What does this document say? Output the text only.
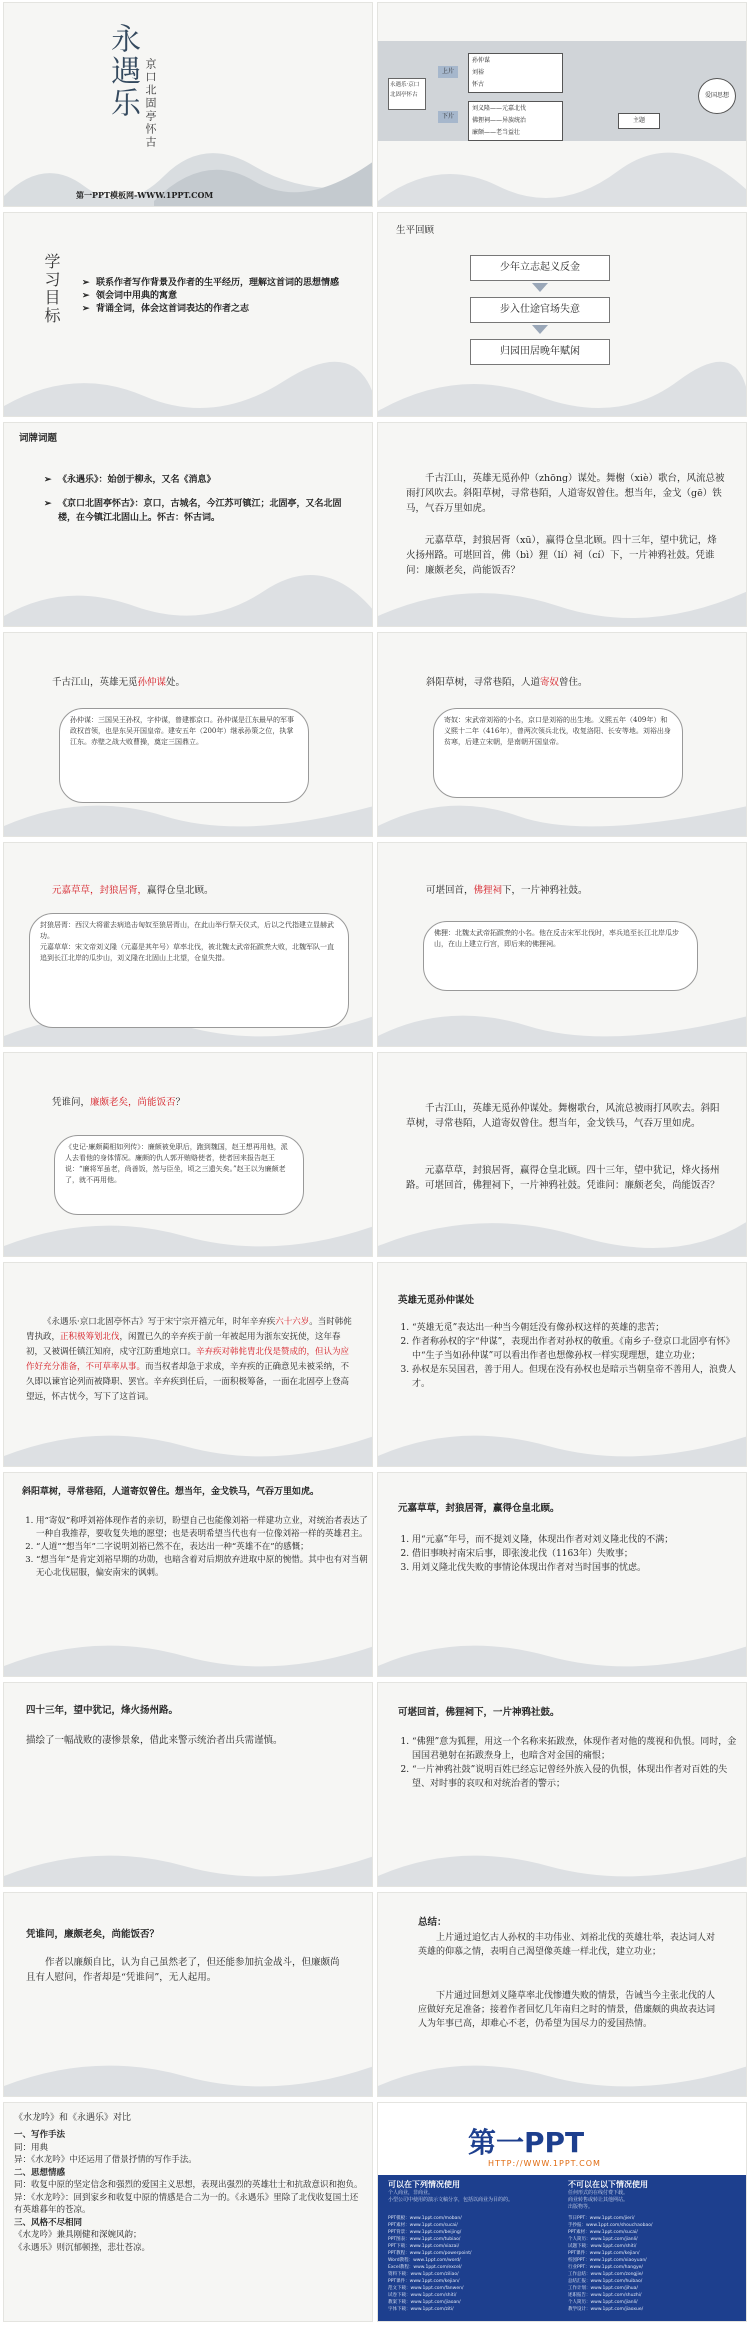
永遇乐 京口北固亭怀古
第一PPT模板网-WWW.1PPT.COM
永遇乐·京口北固亭怀古
上片
下片
孙仲谋
刘裕
怀古
刘义隆——元嘉北伐
佛狸祠——异族统治
廉颇——老当益壮
主题
爱国思想
学习目标
➢	联系作者写作背景及作者的生平经历，理解这首词的思想情感
➢ 领会词中用典的寓意
➢ 背诵全词，体会这首词表达的作者之志
生平回顾
少年立志起义反金
步入仕途官场失意
归园田居晚年赋闲
词牌词题
➢ 《永遇乐》：始创于柳永，又名《消息》
➢ 《京口北固亭怀古》：京口，古城名，今江苏可镇江；北固亭，又名北固楼，在今镇江北固山上。怀古：怀古词。
千古江山，英雄无觅孙仲（zhōng）谋处。舞榭（xiè）歌台，风流总被雨打风吹去。斜阳草树，寻常巷陌，人道寄奴曾住。想当年，金戈（gē）铁马，气吞万里如虎。
元嘉草草，封狼居胥（xū），赢得仓皇北顾。四十三年，望中犹记，烽火扬州路。可堪回首，佛（bì）狸（lí）祠（cí）下，一片神鸦社鼓。凭谁问：廉颇老矣，尚能饭否？
千古江山，英雄无觅孙仲谋处。
孙仲谋：三国吴王孙权，字仲谋，曾建都京口。孙仲谋是江东最早的军事政权首领，也是东吴开国皇帝。建安五年（200年）继承孙策之位，执掌江东。赤壁之战大败曹操，奠定三国鼎立。
斜阳草树，寻常巷陌，人道寄奴曾住。
寄奴：宋武帝刘裕的小名，京口是刘裕的出生地。义熙五年（409年）和义熙十二年（416年），曾两次领兵北伐，收复洛阳、长安等地。刘裕出身贫寒，后建立宋朝，是南朝开国皇帝。
元嘉草草，封狼居胥，赢得仓皇北顾。
封狼居胥：西汉大将霍去病追击匈奴至狼居胥山，在此山举行祭天仪式，后以之代指建立显赫武功。
元嘉草草：宋文帝刘义隆（元嘉是其年号）草率北伐，被北魏太武帝拓跋焘大败，北魏军队一直追到长江北岸的瓜步山，刘义隆在北固山上北望，仓皇失措。
可堪回首，佛狸祠下，一片神鸦社鼓。
佛狸：北魏太武帝拓跋焘的小名。他在反击宋军北伐时，率兵追至长江北岸瓜步山，在山上建立行宫，即后来的佛狸祠。
凭谁问，廉颇老矣，尚能饭否？
《史记·廉颇蔺相如列传》：廉颇被免职后，跑到魏国，赵王想再用他，派人去看他的身体情况。廉颇的仇人郭开贿赂使者，使者回来报告赵王说：“廉将军虽老，尚善饭，然与臣坐，顷之三遗矢矣。”赵王以为廉颇老了，就不再用他。
千古江山，英雄无觅孙仲谋处。舞榭歌台，风流总被雨打风吹去。斜阳草树，寻常巷陌，人道寄奴曾住。想当年，金戈铁马，气吞万里如虎。
元嘉草草，封狼居胥，赢得仓皇北顾。四十三年，望中犹记，烽火扬州路。可堪回首，佛狸祠下，一片神鸦社鼓。凭谁问：廉颇老矣，尚能饭否？
《永遇乐·京口北固亭怀古》写于宋宁宗开禧元年，时年辛弃疾六十六岁。当时韩侂胄执政，正积极筹划北伐，闲置已久的辛弃疾于前一年被起用为浙东安抚使，这年春初，又被调任镇江知府，戍守江防重地京口。辛弃疾对韩侂胄北伐是赞成的，但认为应作好充分准备，不可草率从事。而当权者却急于求成，辛弃疾的正确意见未被采纳，不久即以谏官论列而被降职、罢官。辛弃疾到任后，一面积极筹备，一面在北固亭上登高望远，怀古忧今，写下了这首词。
英雄无觅孙仲谋处
1. “英雄无觅”表达出一种当今朝廷没有像孙权这样的英雄的悲苦；
2. 作者称孙权的字“仲谋”，表现出作者对孙权的敬重。《南乡子·登京口北固亭有怀》中“生子当如孙仲谋”可以看出作者也想像孙权一样实现理想，建立功业；
3. 孙权是东吴国君，善于用人。但现在没有孙权也是暗示当朝皇帝不善用人，浪费人才。
斜阳草树，寻常巷陌，人道寄奴曾住。想当年，金戈铁马，气吞万里如虎。
1. 用“寄奴”称呼刘裕体现作者的亲切，盼望自己也能像刘裕一样建功立业，对统治者表达了一种自我推荐，要收复失地的愿望；也是表明希望当代也有一位像刘裕一样的英雄君主。
2. “人道”“想当年”二字说明刘裕已然不在，表达出一种“英雄不在”的感慨；
3. “想当年”是肯定刘裕早期的功勋，也暗含着对后期放弃进取中原的惋惜。其中也有对当朝无心北伐屈服，偏安南宋的讽刺。
元嘉草草，封狼居胥，赢得仓皇北顾。
1. 用“元嘉”年号，而不提刘义隆，体现出作者对刘义隆北伐的不满；
2. 借旧事映衬南宋后事，即张浚北伐（1163年）失败事；
3. 用刘义隆北伐失败的事情论体现出作者对当时国事的忧虑。
四十三年，望中犹记，烽火扬州路。
描绘了一幅战败的凄惨景象，借此来警示统治者出兵需谨慎。
可堪回首，佛狸祠下，一片神鸦社鼓。
1. “佛狸”意为狐狸，用这一个名称来拓跋焘，体现作者对他的蔑视和仇恨。同时，金国国君驰射在拓跋焘身上，也暗含对金国的痛恨；
2. “一片神鸦社鼓”说明百姓已经忘记曾经外族入侵的仇恨，体现出作者对百姓的失望、对时事的哀叹和对统治者的警示；
凭谁问，廉颇老矣，尚能饭否？
作者以廉颇自比，认为自己虽然老了，但还能参加抗金战斗，但廉颇尚且有人慰问，作者却是“凭谁问”，无人起用。
总结：
上片通过追忆古人孙权的丰功伟业、刘裕北伐的英雄壮举，表达词人对英雄的仰慕之情，表明自己渴望像英雄一样北伐，建立功业；
下片通过回想刘义隆草率北伐惨遭失败的情景，告诫当今主张北伐的人应做好充足准备；接着作者回忆几年南归之时的情景，借廉颇的典故表达词人为年事已高，却难心不老，仍希望为国尽力的爱国热情。
《水龙吟》和《永遇乐》对比
一、写作手法
同：用典
异：《水龙吟》中还运用了借景抒情的写作手法。
二、思想情感
同：收复中原的坚定信念和强烈的爱国主义思想，表现出强烈的英雄壮士和抗敌意识和抱负。
异：《水龙吟》：回到家乡和收复中原的情感是合二为一的。《永遇乐》里除了北伐收复国土还有英雄暮年的苍凉。
三、风格不尽相同
《水龙吟》兼具刚健和深婉风韵；
《永遇乐》则沉郁顿挫，悲壮苍凉。
第一PPT
HTTP://WWW.1PPT.COM
可以在下列情况使用
个人商业，非商业。
小型公司中使用的演示文稿分享，包括以商业为目的的。
不可以在以下情况使用
任何形式的在线付费下载。
商业转售或转让其他网站。
出版物等。
PPT模板：www.1ppt.com/moban/
PPT素材：www.1ppt.com/sucai/
PPT背景：www.1ppt.com/beijing/
PPT图表：www.1ppt.com/tubiao/
PPT下载：www.1ppt.com/xiazai/
PPT教程：www.1ppt.com/powerpoint/
Word教程：www.1ppt.com/word/
Excel教程：www.1ppt.com/excel/
资料下载：www.1ppt.com/ziliao/
PPT课件：www.1ppt.com/kejian/
范文下载：www.1ppt.com/fanwen/
试卷下载：www.1ppt.com/shiti/
教案下载：www.1ppt.com/jiaoan/
字体下载：www.1ppt.com/ziti/
节日PPT：www.1ppt.com/jieri/
手抄报：www.1ppt.com/shouchaobao/
PPT素材：www.1ppt.com/sucai/
个人简历：www.1ppt.com/jianli/
试题下载：www.1ppt.com/shiti/
PPT课件：www.1ppt.com/kejian/
校园PPT：www.1ppt.com/xiaoyuan/
行业PPT：www.1ppt.com/hangye/
工作总结：www.1ppt.com/zongjie/
总结汇报：www.1ppt.com/huibao/
工作计划：www.1ppt.com/jihua/
述职报告：www.1ppt.com/shuzhi/
个人简历：www.1ppt.com/jianli/
教学设计：www.1ppt.com/jiaoxue/
